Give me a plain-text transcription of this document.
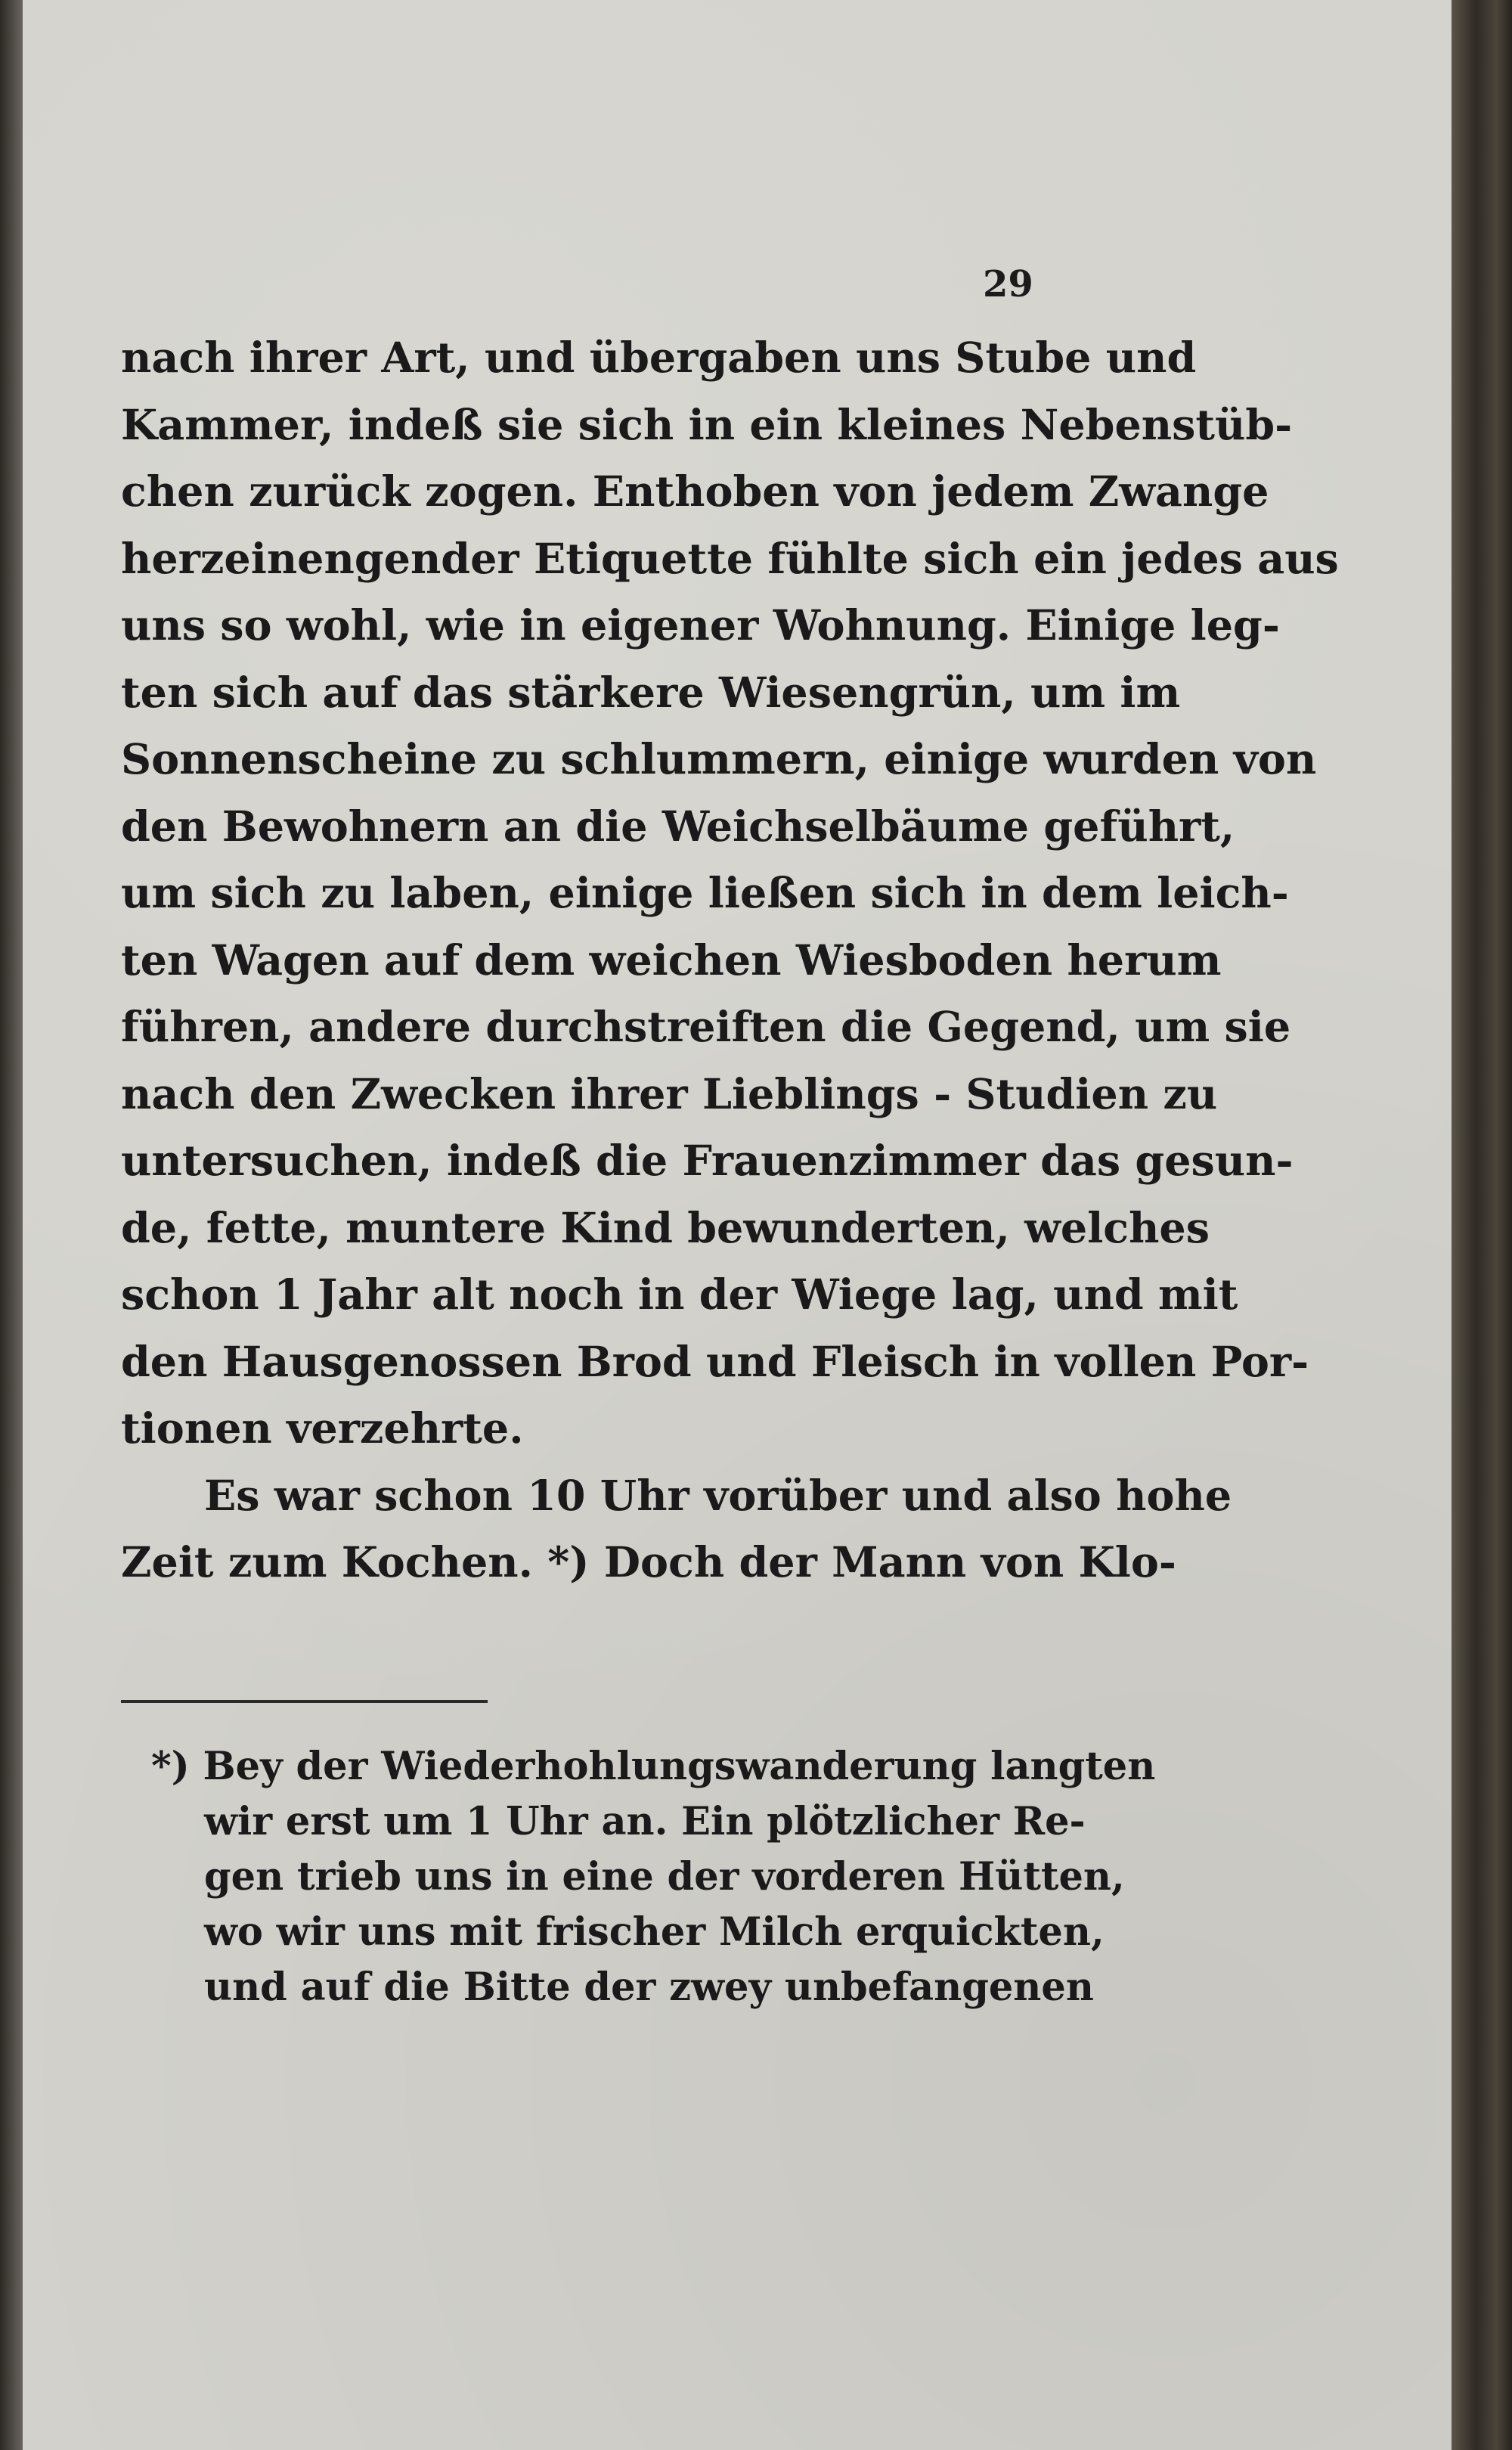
29
nach ihrer Art, und übergaben uns Stube und
Kammer, indeß sie sich in ein kleines Nebenstüb-
chen zurück zogen. Enthoben von jedem Zwange
herzeinengender Etiquette fühlte sich ein jedes aus
uns so wohl, wie in eigener Wohnung. Einige leg-
ten sich auf das stärkere Wiesengrün, um im
Sonnenscheine zu schlummern, einige wurden von
den Bewohnern an die Weichselbäume geführt,
um sich zu laben, einige ließen sich in dem leich-
ten Wagen auf dem weichen Wiesboden herum
führen, andere durchstreiften die Gegend, um sie
nach den Zwecken ihrer Lieblings - Studien zu
untersuchen, indeß die Frauenzimmer das gesun-
de, fette, muntere Kind bewunderten, welches
schon 1 Jahr alt noch in der Wiege lag, und mit
den Hausgenossen Brod und Fleisch in vollen Por-
tionen verzehrte.
Es war schon 10 Uhr vorüber und also hohe
Zeit zum Kochen. *) Doch der Mann von Klo-
*) Bey der Wiederhohlungswanderung langten
wir erst um 1 Uhr an. Ein plötzlicher Re-
gen trieb uns in eine der vorderen Hütten,
wo wir uns mit frischer Milch erquickten,
und auf die Bitte der zwey unbefangenen
